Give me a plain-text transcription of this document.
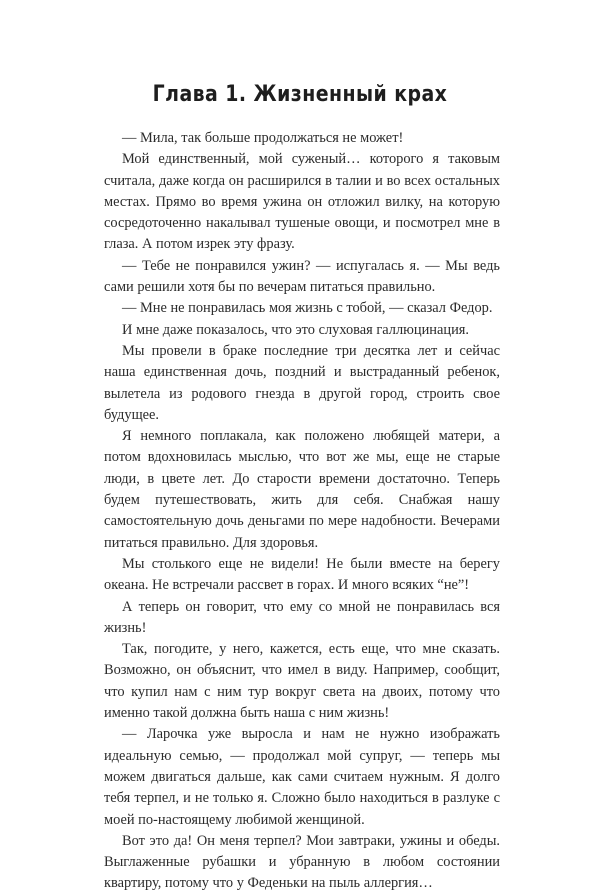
Глава 1. Жизненный крах

— Мила, так больше продолжаться не может!

Мой единственный, мой суженый… которого я таковым считала, даже когда он расширился в талии и во всех остальных местах. Прямо во время ужина он отложил вилку, на которую сосредоточенно накалывал тушеные овощи, и посмотрел мне в глаза. А потом изрек эту фразу.

— Тебе не понравился ужин? — испугалась я. — Мы ведь сами решили хотя бы по вечерам питаться правильно.

— Мне не понравилась моя жизнь с тобой, — сказал Федор.

И мне даже показалось, что это слуховая галлюцинация.

Мы провели в браке последние три десятка лет и сейчас наша единственная дочь, поздний и выстраданный ребенок, вылетела из родового гнезда в другой город, строить свое будущее.

Я немного поплакала, как положено любящей матери, а потом вдохновилась мыслью, что вот же мы, еще не старые люди, в цвете лет. До старости времени достаточно. Теперь будем путешествовать, жить для себя. Снабжая нашу самостоятельную дочь деньгами по мере надобности. Вечерами питаться правильно. Для здоровья.

Мы столького еще не видели! Не были вместе на берегу океана. Не встречали рассвет в горах. И много всяких “не”!

А теперь он говорит, что ему со мной не понравилась вся жизнь!

Так, погодите, у него, кажется, есть еще, что мне сказать. Возможно, он объяснит, что имел в виду. Например, сообщит, что купил нам с ним тур вокруг света на двоих, потому что именно такой должна быть наша с ним жизнь!

— Ларочка уже выросла и нам не нужно изображать идеальную семью, — продолжал мой супруг, — теперь мы можем двигаться дальше, как сами считаем нужным. Я долго тебя терпел, и не только я. Сложно было находиться в разлуке с моей по-настоящему любимой женщиной.

Вот это да! Он меня терпел? Мои завтраки, ужины и обеды. Выглаженные рубашки и убранную в любом состоянии квартиру, потому что у Феденьки на пыль аллергия…
